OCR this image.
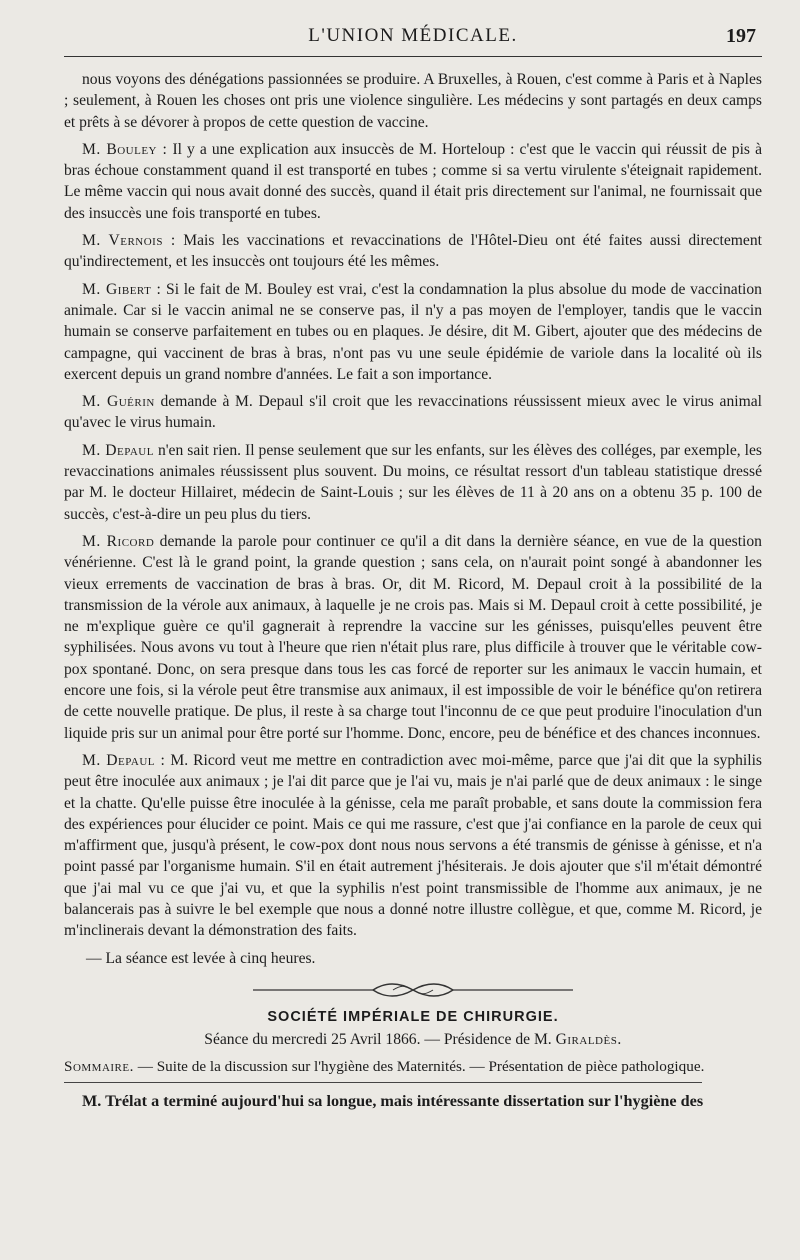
L'UNION MÉDICALE.	197

nous voyons des dénégations passionnées se produire. A Bruxelles, à Rouen, c'est comme à Paris et à Naples ; seulement, à Rouen les choses ont pris une violence singulière. Les médecins y sont partagés en deux camps et prêts à se dévorer à propos de cette question de vaccine.

M. Bouley : Il y a une explication aux insuccès de M. Horteloup : c'est que le vaccin qui réussit de pis à bras échoue constamment quand il est transporté en tubes ; comme si sa vertu virulente s'éteignait rapidement. Le même vaccin qui nous avait donné des succès, quand il était pris directement sur l'animal, ne fournissait que des insuccès une fois transporté en tubes.

M. Vernois : Mais les vaccinations et revaccinations de l'Hôtel-Dieu ont été faites aussi directement qu'indirectement, et les insuccès ont toujours été les mêmes.

M. Gibert : Si le fait de M. Bouley est vrai, c'est la condamnation la plus absolue du mode de vaccination animale. Car si le vaccin animal ne se conserve pas, il n'y a pas moyen de l'employer, tandis que le vaccin humain se conserve parfaitement en tubes ou en plaques. Je désire, dit M. Gibert, ajouter que des médecins de campagne, qui vaccinent de bras à bras, n'ont pas vu une seule épidémie de variole dans la localité où ils exercent depuis un grand nombre d'années. Le fait a son importance.

M. Guérin demande à M. Depaul s'il croit que les revaccinations réussissent mieux avec le virus animal qu'avec le virus humain.

M. Depaul n'en sait rien. Il pense seulement que sur les enfants, sur les élèves des colléges, par exemple, les revaccinations animales réussissent plus souvent. Du moins, ce résultat ressort d'un tableau statistique dressé par M. le docteur Hillairet, médecin de Saint-Louis ; sur les élèves de 11 à 20 ans on a obtenu 35 p. 100 de succès, c'est-à-dire un peu plus du tiers.

M. Ricord demande la parole pour continuer ce qu'il a dit dans la dernière séance, en vue de la question vénérienne. C'est là le grand point, la grande question ; sans cela, on n'aurait point songé à abandonner les vieux errements de vaccination de bras à bras. Or, dit M. Ricord, M. Depaul croit à la possibilité de la transmission de la vérole aux animaux, à laquelle je ne crois pas. Mais si M. Depaul croit à cette possibilité, je ne m'explique guère ce qu'il gagnerait à reprendre la vaccine sur les génisses, puisqu'elles peuvent être syphilisées. Nous avons vu tout à l'heure que rien n'était plus rare, plus difficile à trouver que le véritable cow-pox spontané. Donc, on sera presque dans tous les cas forcé de reporter sur les animaux le vaccin humain, et encore une fois, si la vérole peut être transmise aux animaux, il est impossible de voir le bénéfice qu'on retirera de cette nouvelle pratique. De plus, il reste à sa charge tout l'inconnu de ce que peut produire l'inoculation d'un liquide pris sur un animal pour être porté sur l'homme. Donc, encore, peu de bénéfice et des chances inconnues.

M. Depaul : M. Ricord veut me mettre en contradiction avec moi-même, parce que j'ai dit que la syphilis peut être inoculée aux animaux ; je l'ai dit parce que je l'ai vu, mais je n'ai parlé que de deux animaux : le singe et la chatte. Qu'elle puisse être inoculée à la génisse, cela me paraît probable, et sans doute la commission fera des expériences pour élucider ce point. Mais ce qui me rassure, c'est que j'ai confiance en la parole de ceux qui m'affirment que, jusqu'à présent, le cow-pox dont nous nous servons a été transmis de génisse à génisse, et n'a point passé par l'organisme humain. S'il en était autrement j'hésiterais. Je dois ajouter que s'il m'était démontré que j'ai mal vu ce que j'ai vu, et que la syphilis n'est point transmissible de l'homme aux animaux, je ne balancerais pas à suivre le bel exemple que nous a donné notre illustre collègue, et que, comme M. Ricord, je m'inclinerais devant la démonstration des faits.

— La séance est levée à cinq heures.

SOCIÉTÉ IMPÉRIALE DE CHIRURGIE.
Séance du mercredi 25 Avril 1866. — Présidence de M. Giraldès.

Sommaire. — Suite de la discussion sur l'hygiène des Maternités. — Présentation de pièce pathologique.

M. Trélat a terminé aujourd'hui sa longue, mais intéressante dissertation sur l'hygiène des
